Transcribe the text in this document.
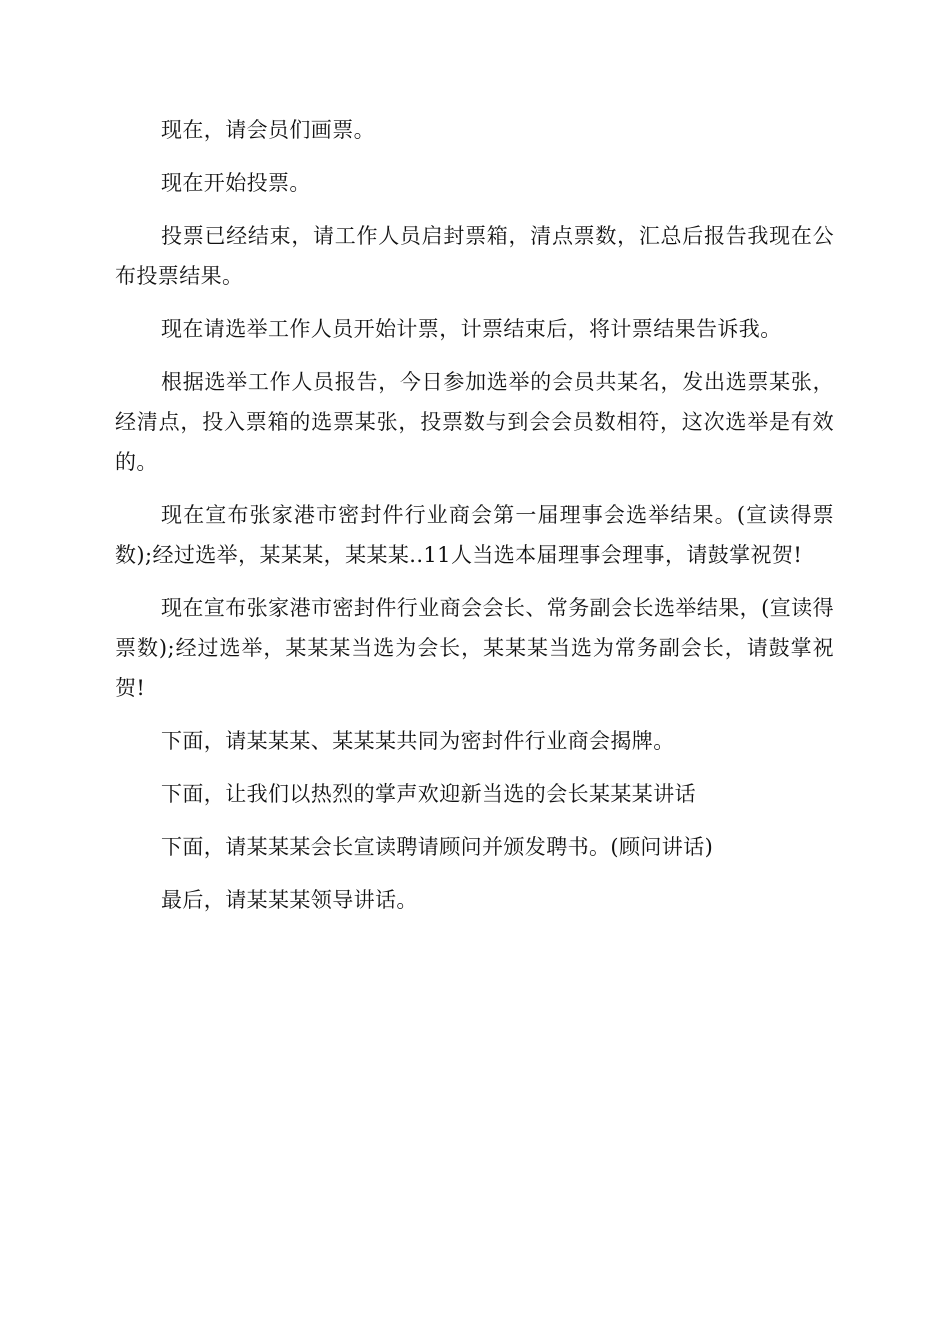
现在，请会员们画票。

现在开始投票。

投票已经结束，请工作人员启封票箱，清点票数，汇总后报告我现在公布投票结果。

现在请选举工作人员开始计票，计票结束后，将计票结果告诉我。

根据选举工作人员报告，今日参加选举的会员共某名，发出选票某张，经清点，投入票箱的选票某张，投票数与到会会员数相符，这次选举是有效的。

现在宣布张家港市密封件行业商会第一届理事会选举结果。(宣读得票数);经过选举，某某某，某某某..11人当选本届理事会理事，请鼓掌祝贺!

现在宣布张家港市密封件行业商会会长、常务副会长选举结果，(宣读得票数);经过选举，某某某当选为会长，某某某当选为常务副会长，请鼓掌祝贺!

下面，请某某某、某某某共同为密封件行业商会揭牌。

下面，让我们以热烈的掌声欢迎新当选的会长某某某讲话

下面，请某某某会长宣读聘请顾问并颁发聘书。(顾问讲话)

最后，请某某某领导讲话。
